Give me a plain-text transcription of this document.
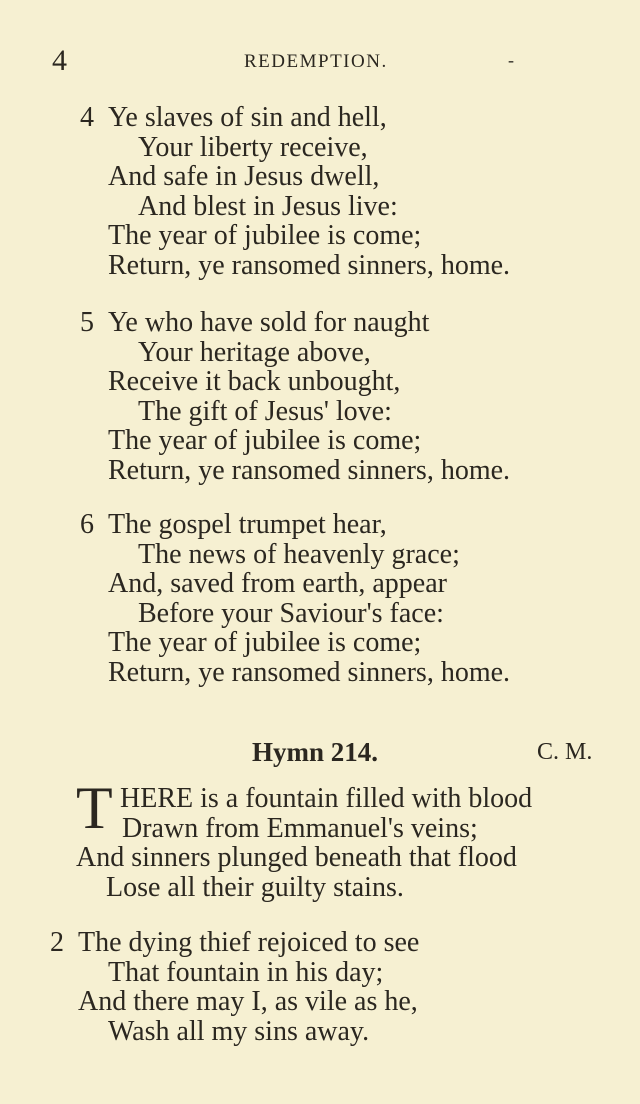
4	REDEMPTION.	-
4 Ye slaves of sin and hell,
Your liberty receive,
And safe in Jesus dwell,
And blest in Jesus live:
The year of jubilee is come;
Return, ye ransomed sinners, home.
5 Ye who have sold for naught
Your heritage above,
Receive it back unbought,
The gift of Jesus' love:
The year of jubilee is come;
Return, ye ransomed sinners, home.
6 The gospel trumpet hear,
The news of heavenly grace;
And, saved from earth, appear
Before your Saviour's face:
The year of jubilee is come;
Return, ye ransomed sinners, home.
Hymn 214.	C. M.
T HERE is a fountain filled with blood
Drawn from Emmanuel's veins;
And sinners plunged beneath that flood
Lose all their guilty stains.
2 The dying thief rejoiced to see
That fountain in his day;
And there may I, as vile as he,
Wash all my sins away.
